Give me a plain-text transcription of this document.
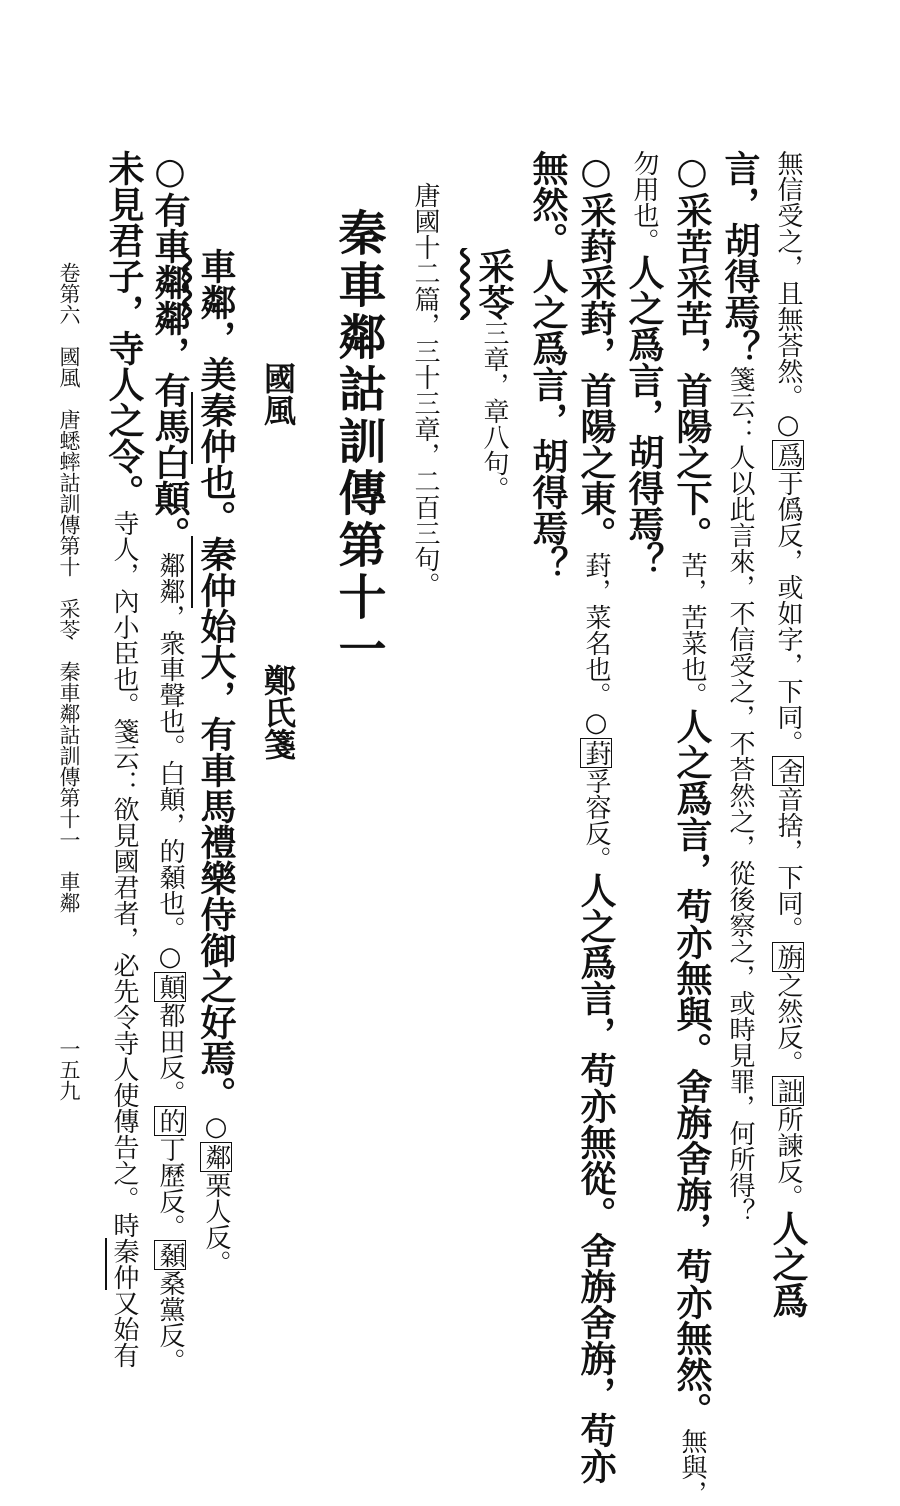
無信受之，且無荅然。○爲于僞反，或如字，下同。舍音捨，下同。旃之然反。詘所諫反。人之爲
言，胡得焉？箋云：人以此言來，不信受之，不荅然之，從後察之，或時見罪，何所得？
○采苦采苦，首陽之下。苦，苦菜也。人之爲言，苟亦無與。舍旃舍旃，苟亦無然。無與，
勿用也。人之爲言，胡得焉？
○采葑采葑，首陽之東。葑，菜名也。○葑孚容反。人之爲言，苟亦無從。舍旃舍旃，苟亦
無然。人之爲言，胡得焉？
采苓三章，章八句。
唐國十二篇，三十三章，二百三句。
秦車鄰詁訓傳第十一
國風
鄭氏箋
車鄰，美秦仲也。秦仲始大，有車馬禮樂侍御之好焉。○鄰栗人反。
○有車鄰鄰，有馬白顛。鄰鄰，衆車聲也。白顛，的顙也。○顛都田反。的丁歷反。顙桑黨反。
未見君子，寺人之令。寺人，內小臣也。箋云：欲見國君者，必先令寺人使傳告之。時秦仲又始有
卷第六　國風　唐蟋蟀詁訓傳第十　采苓　秦車鄰詁訓傳第十一　車鄰
一五九
